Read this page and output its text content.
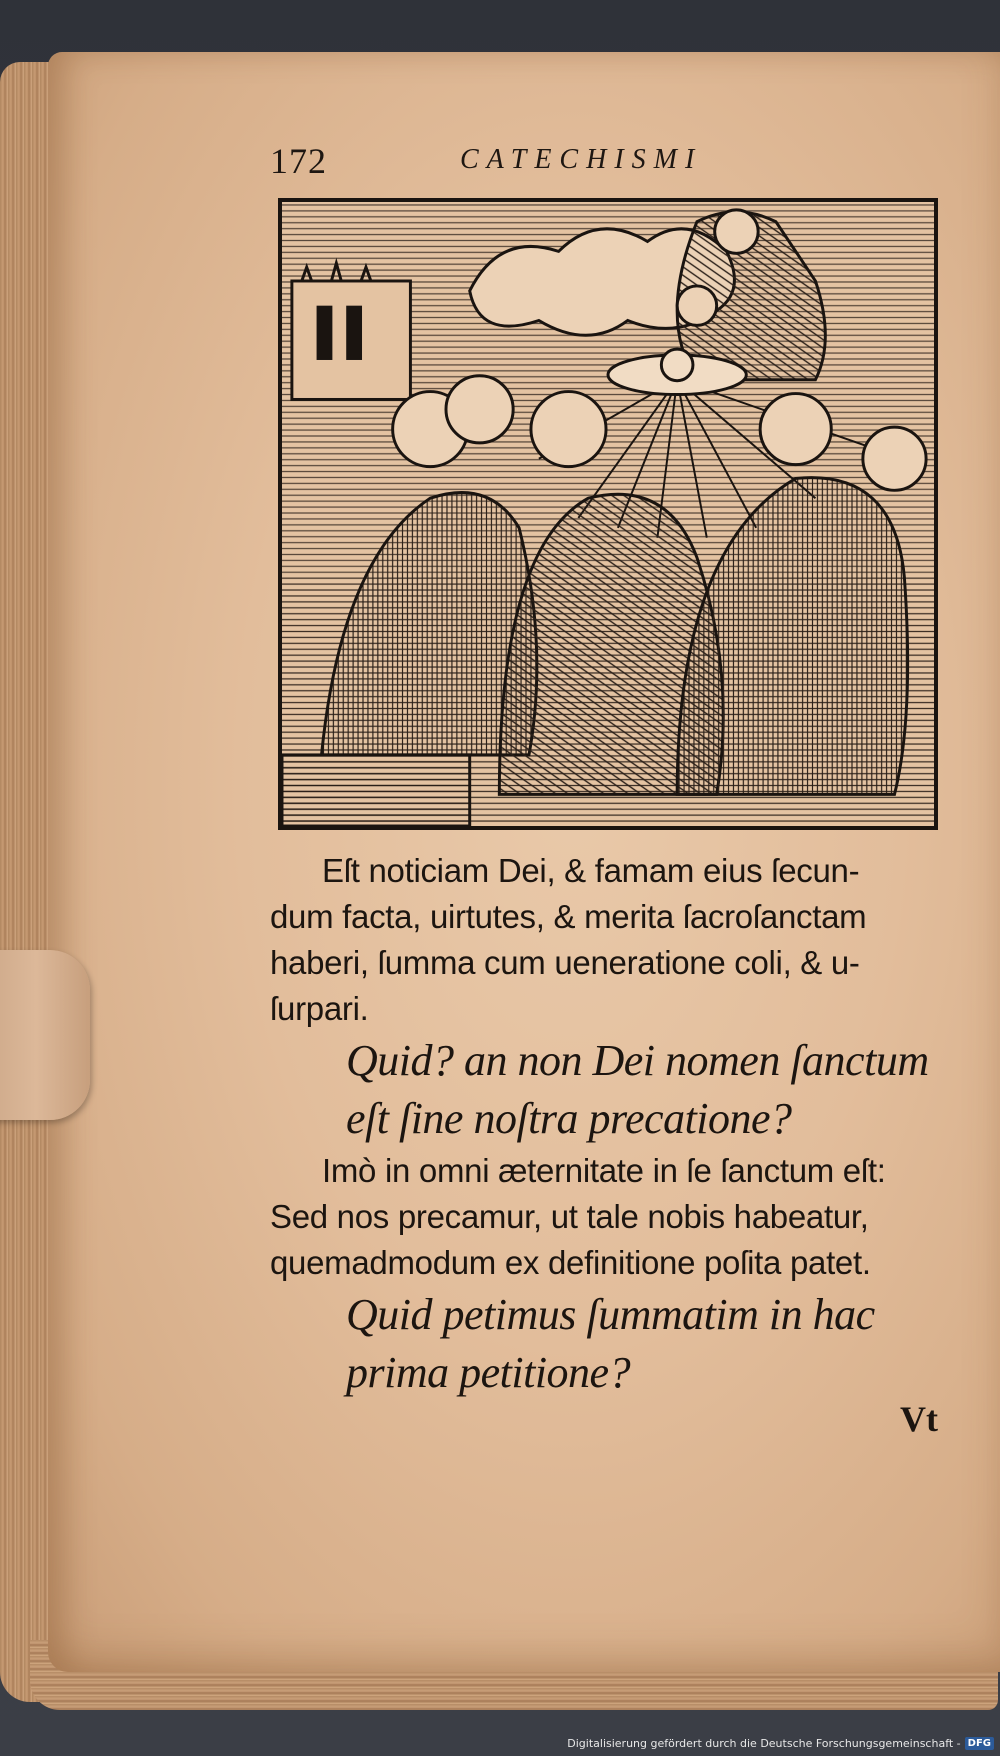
172	CATECHISMI

Eſt noticiam Dei, & famam eius ſecun-

dum facta, uirtutes, & merita ſacroſanctam

haberi, ſumma cum ueneratione coli, & u-

ſurpari.

Quid? an non Dei nomen ſanctum

eſt ſine noſtra precatione?

Imò in omni æternitate in ſe ſanctum eſt:

Sed nos precamur, ut tale nobis habeatur,

quemadmodum ex definitione poſita patet.

Quid petimus ſummatim in hac

prima petitione?

Vt
Digitalisierung gefördert durch die Deutsche Forschungsgemeinschaft - DFG
